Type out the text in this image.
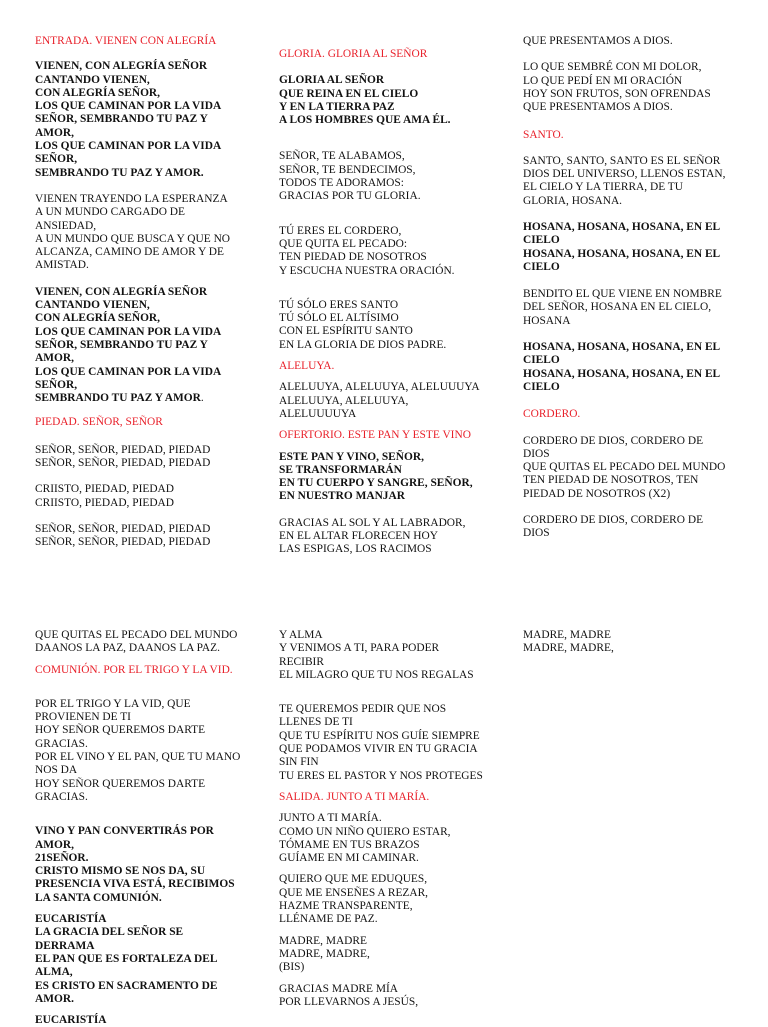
ENTRADA. VIENEN CON ALEGRÍA

VIENEN, CON ALEGRÍA SEÑOR
CANTANDO VIENEN,
CON ALEGRÍA SEÑOR,
LOS QUE CAMINAN POR LA VIDA
SEÑOR, SEMBRANDO TU PAZ Y
AMOR,
LOS QUE CAMINAN POR LA VIDA
SEÑOR,
SEMBRANDO TU PAZ Y AMOR.

VIENEN TRAYENDO LA ESPERANZA
A UN MUNDO CARGADO DE
ANSIEDAD,
A UN MUNDO QUE BUSCA Y QUE NO
ALCANZA, CAMINO DE AMOR Y DE
AMISTAD.

VIENEN, CON ALEGRÍA SEÑOR
CANTANDO VIENEN,
CON ALEGRÍA SEÑOR,
LOS QUE CAMINAN POR LA VIDA
SEÑOR, SEMBRANDO TU PAZ Y
AMOR,
LOS QUE CAMINAN POR LA VIDA
SEÑOR,
SEMBRANDO TU PAZ Y AMOR.

PIEDAD. SEÑOR, SEÑOR

SEÑOR, SEÑOR, PIEDAD, PIEDAD
SEÑOR, SEÑOR, PIEDAD, PIEDAD

CRIISTO, PIEDAD, PIEDAD
CRIISTO, PIEDAD, PIEDAD

SEÑOR, SEÑOR, PIEDAD, PIEDAD
SEÑOR, SEÑOR, PIEDAD, PIEDAD

GLORIA. GLORIA AL SEÑOR

GLORIA AL SEÑOR
QUE REINA EN EL CIELO
Y EN LA TIERRA PAZ
A LOS HOMBRES QUE AMA ÉL.

SEÑOR, TE ALABAMOS,
SEÑOR, TE BENDECIMOS,
TODOS TE ADORAMOS:
GRACIAS POR TU GLORIA.

TÚ ERES EL CORDERO,
QUE QUITA EL PECADO:
TEN PIEDAD DE NOSOTROS
Y ESCUCHA NUESTRA ORACIÓN.

TÚ SÓLO ERES SANTO
TÚ SÓLO EL ALTÍSIMO
CON EL ESPÍRITU SANTO
EN LA GLORIA DE DIOS PADRE.

ALELUYA.

ALELUUYA, ALELUUYA, ALELUUUYA
ALELUUYA, ALELUUYA,
ALELUUUUYA

OFERTORIO. ESTE PAN Y ESTE VINO

ESTE PAN Y VINO, SEÑOR,
SE TRANSFORMARÁN
EN TU CUERPO Y SANGRE, SEÑOR,
EN NUESTRO MANJAR

GRACIAS AL SOL Y AL LABRADOR,
EN EL ALTAR FLORECEN HOY
LAS ESPIGAS, LOS RACIMOS

QUE PRESENTAMOS A DIOS.

LO QUE SEMBRÉ CON MI DOLOR,
LO QUE PEDÍ EN MI ORACIÓN
HOY SON FRUTOS, SON OFRENDAS
QUE PRESENTAMOS A DIOS.

SANTO.

SANTO, SANTO, SANTO ES EL SEÑOR
DIOS DEL UNIVERSO, LLENOS ESTAN,
EL CIELO Y LA TIERRA, DE TU
GLORIA, HOSANA.

HOSANA, HOSANA, HOSANA, EN EL
CIELO
HOSANA, HOSANA, HOSANA, EN EL
CIELO

BENDITO EL QUE VIENE EN NOMBRE
DEL SEÑOR, HOSANA EN EL CIELO,
HOSANA

HOSANA, HOSANA, HOSANA, EN EL
CIELO
HOSANA, HOSANA, HOSANA, EN EL
CIELO

CORDERO.

CORDERO DE DIOS, CORDERO DE
DIOS
QUE QUITAS EL PECADO DEL MUNDO
TEN PIEDAD DE NOSOTROS, TEN
PIEDAD DE NOSOTROS (X2)

CORDERO DE DIOS, CORDERO DE
DIOS

QUE QUITAS EL PECADO DEL MUNDO
DAANOS LA PAZ, DAANOS LA PAZ.

COMUNIÓN. POR EL TRIGO Y LA VID.

POR EL TRIGO Y LA VID, QUE
PROVIENEN DE TI
HOY SEÑOR QUEREMOS DARTE
GRACIAS.
POR EL VINO Y EL PAN, QUE TU MANO
NOS DA
HOY SEÑOR QUEREMOS DARTE
GRACIAS.

VINO Y PAN CONVERTIRÁS POR
AMOR,
21SEÑOR.
CRISTO MISMO SE NOS DA, SU
PRESENCIA VIVA ESTÁ, RECIBIMOS
LA SANTA COMUNIÓN.

EUCARISTÍA
LA GRACIA DEL SEÑOR SE
DERRAMA
EL PAN QUE ES FORTALEZA DEL
ALMA,
ES CRISTO EN SACRAMENTO DE
AMOR.

EUCARISTÍA

Y ALMA
Y VENIMOS A TI, PARA PODER
RECIBIR
EL MILAGRO QUE TU NOS REGALAS

TE QUEREMOS PEDIR QUE NOS
LLENES DE TI
QUE TU ESPÍRITU NOS GUÍE SIEMPRE
QUE PODAMOS VIVIR EN TU GRACIA
SIN FIN
TU ERES EL PASTOR Y NOS PROTEGES

SALIDA. JUNTO A TI MARÍA.

JUNTO A TI MARÍA.
COMO UN NIÑO QUIERO ESTAR,
TÓMAME EN TUS BRAZOS
GUÍAME EN MI CAMINAR.

QUIERO QUE ME EDUQUES,
QUE ME ENSEÑES A REZAR,
HAZME TRANSPARENTE,
LLÉNAME DE PAZ.

MADRE, MADRE
MADRE, MADRE,
(BIS)

GRACIAS MADRE MÍA
POR LLEVARNOS A JESÚS,

MADRE, MADRE
MADRE, MADRE,
